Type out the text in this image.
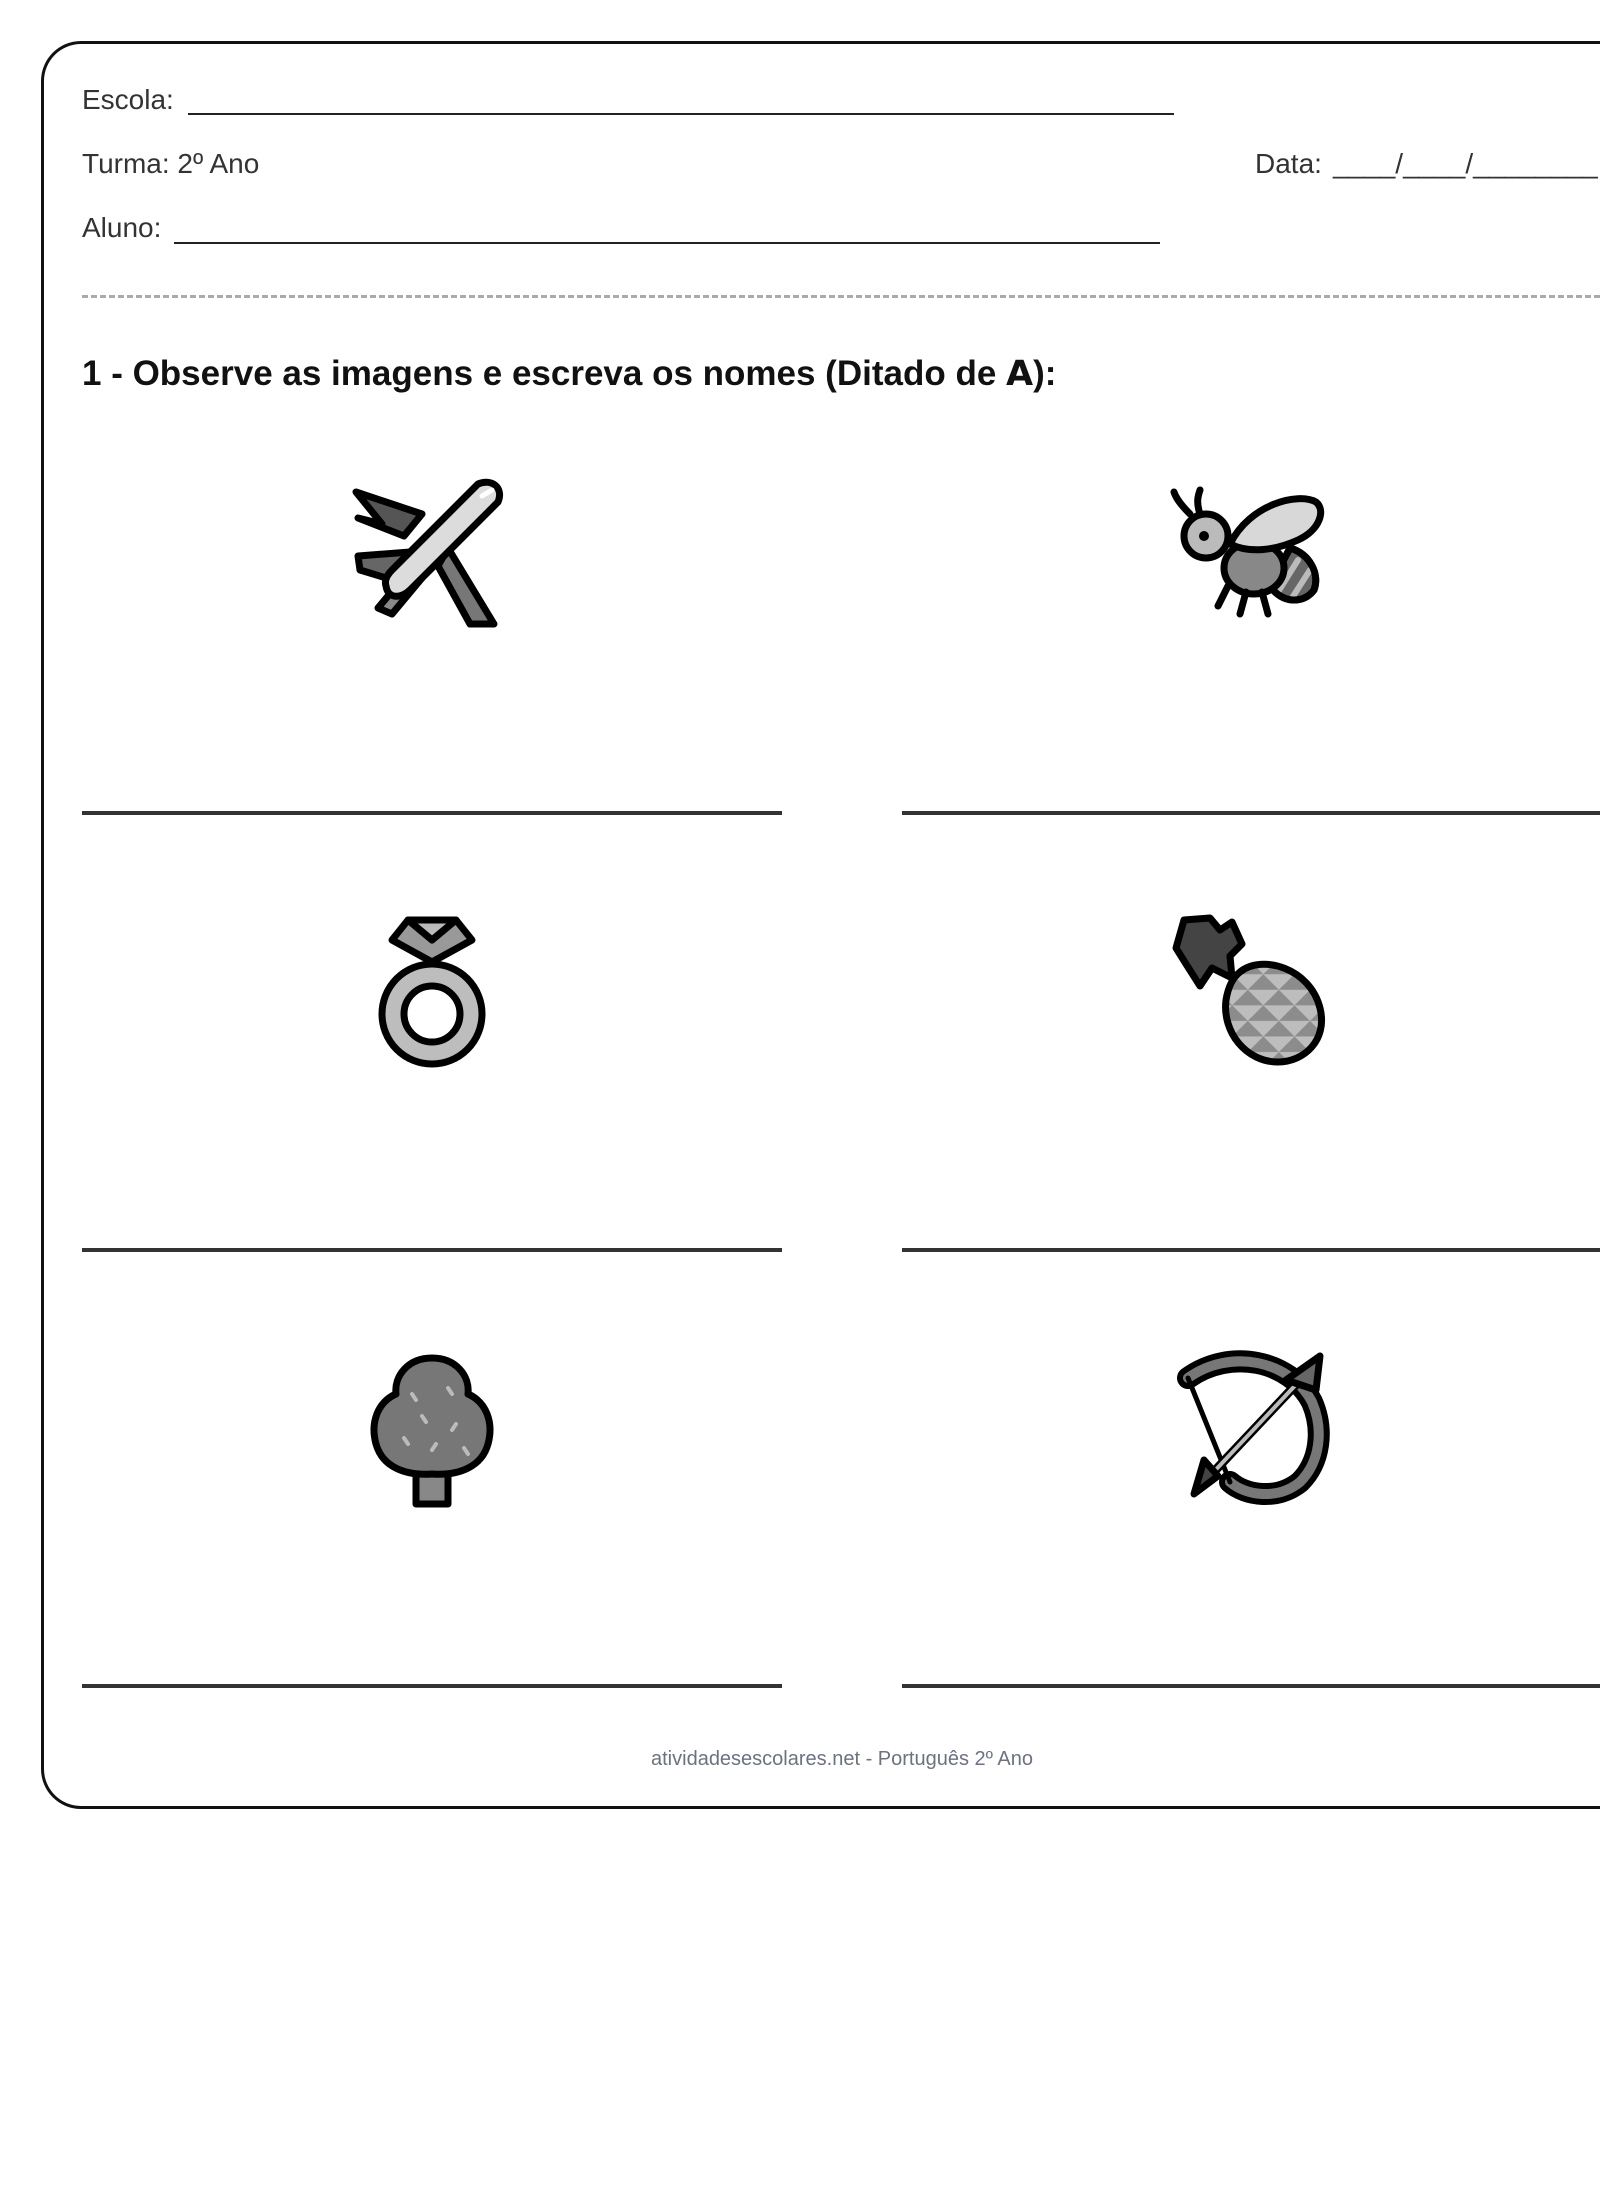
Escola:
Turma: 2º Ano	Data: ____/____/________
Aluno:
1 - Observe as imagens e escreva os nomes (Ditado de A):
atividadesescolares.net - Português 2º Ano
